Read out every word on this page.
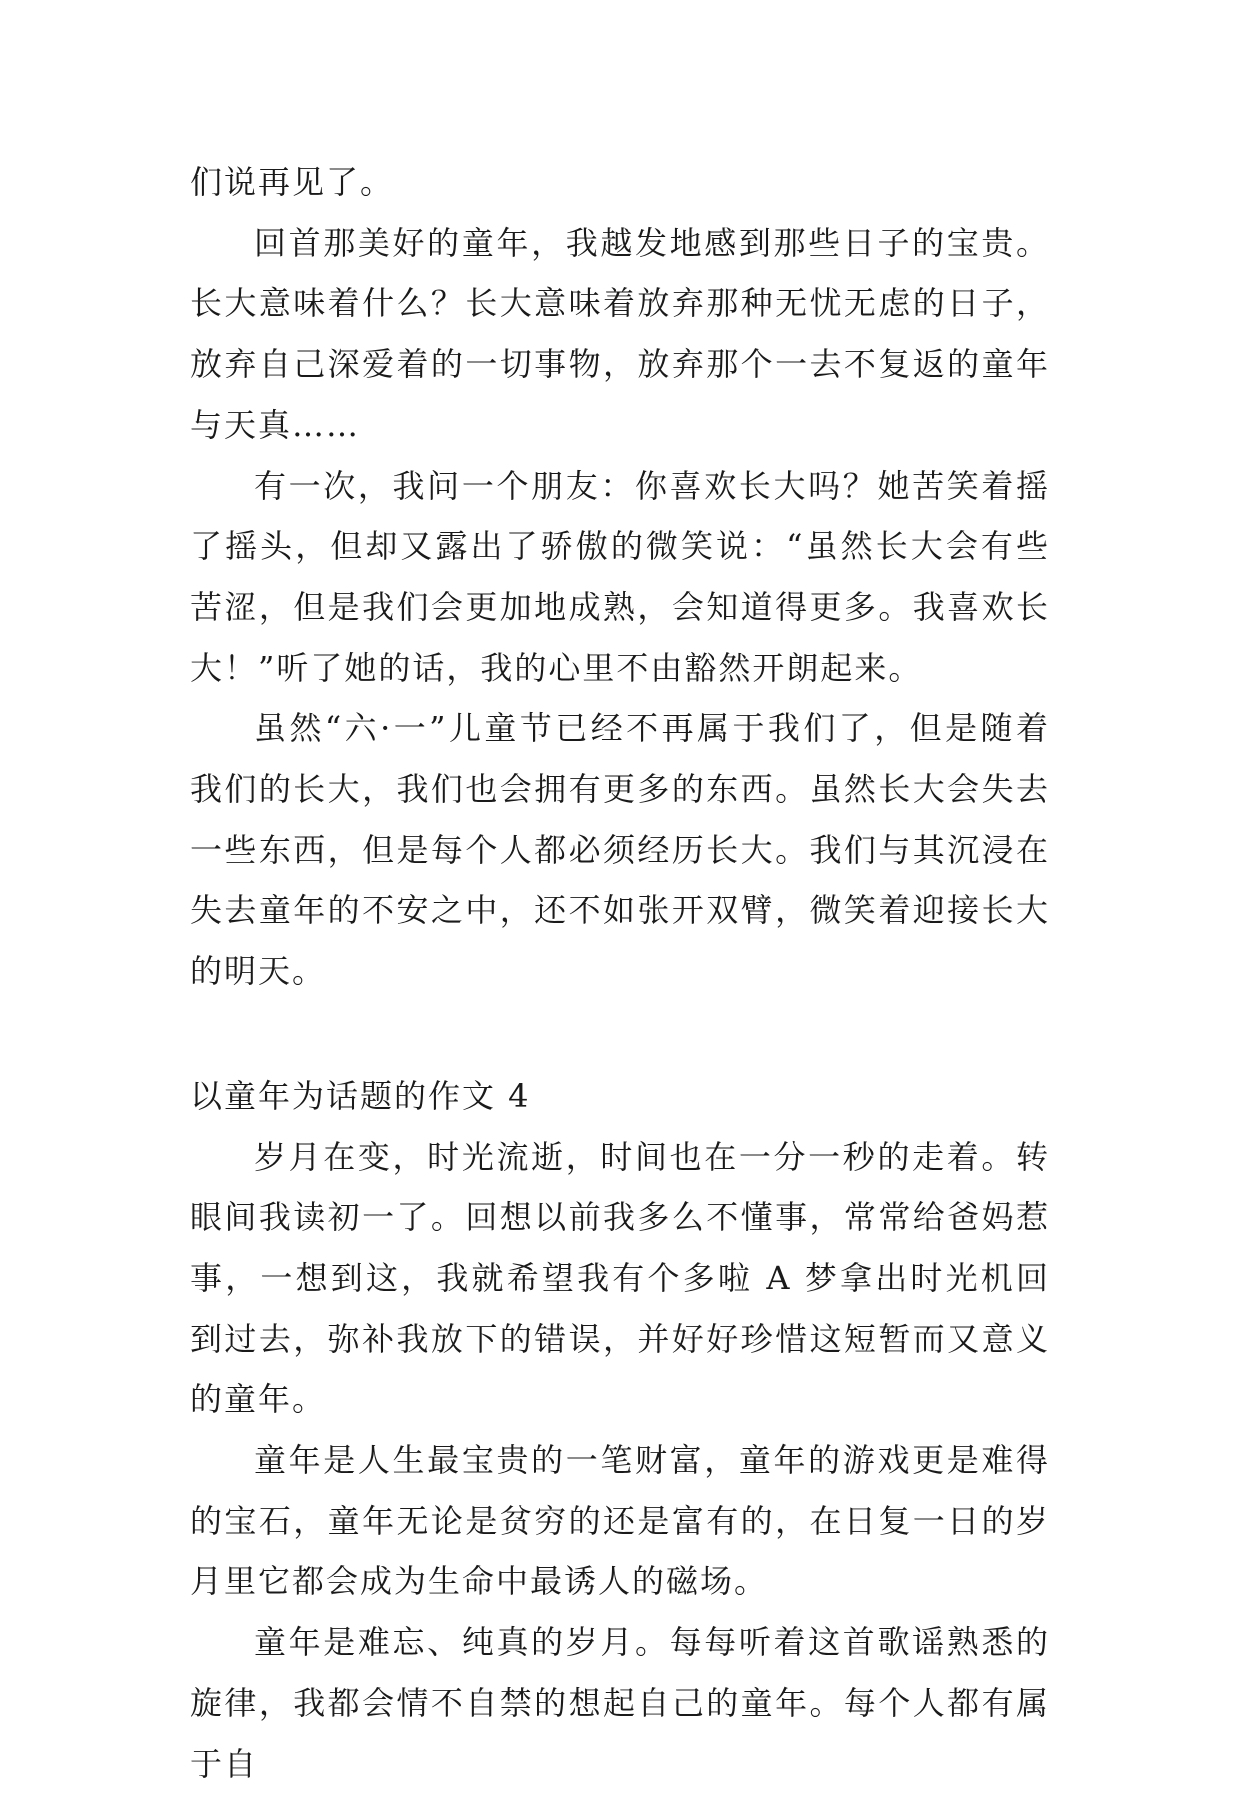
们说再见了。

回首那美好的童年，我越发地感到那些日子的宝贵。长大意味着什么？长大意味着放弃那种无忧无虑的日子，放弃自己深爱着的一切事物，放弃那个一去不复返的童年与天真……

有一次，我问一个朋友：你喜欢长大吗？她苦笑着摇了摇头，但却又露出了骄傲的微笑说：“虽然长大会有些苦涩，但是我们会更加地成熟，会知道得更多。我喜欢长大！”听了她的话，我的心里不由豁然开朗起来。

虽然“六·一”儿童节已经不再属于我们了，但是随着我们的长大，我们也会拥有更多的东西。虽然长大会失去一些东西，但是每个人都必须经历长大。我们与其沉浸在失去童年的不安之中，还不如张开双臂，微笑着迎接长大的明天。

以童年为话题的作文 4

岁月在变，时光流逝，时间也在一分一秒的走着。转眼间我读初一了。回想以前我多么不懂事，常常给爸妈惹事，一想到这，我就希望我有个多啦 A 梦拿出时光机回到过去，弥补我放下的错误，并好好珍惜这短暂而又意义的童年。

童年是人生最宝贵的一笔财富，童年的游戏更是难得的宝石，童年无论是贫穷的还是富有的，在日复一日的岁月里它都会成为生命中最诱人的磁场。

童年是难忘、纯真的岁月。每每听着这首歌谣熟悉的旋律，我都会情不自禁的想起自己的童年。每个人都有属于自
